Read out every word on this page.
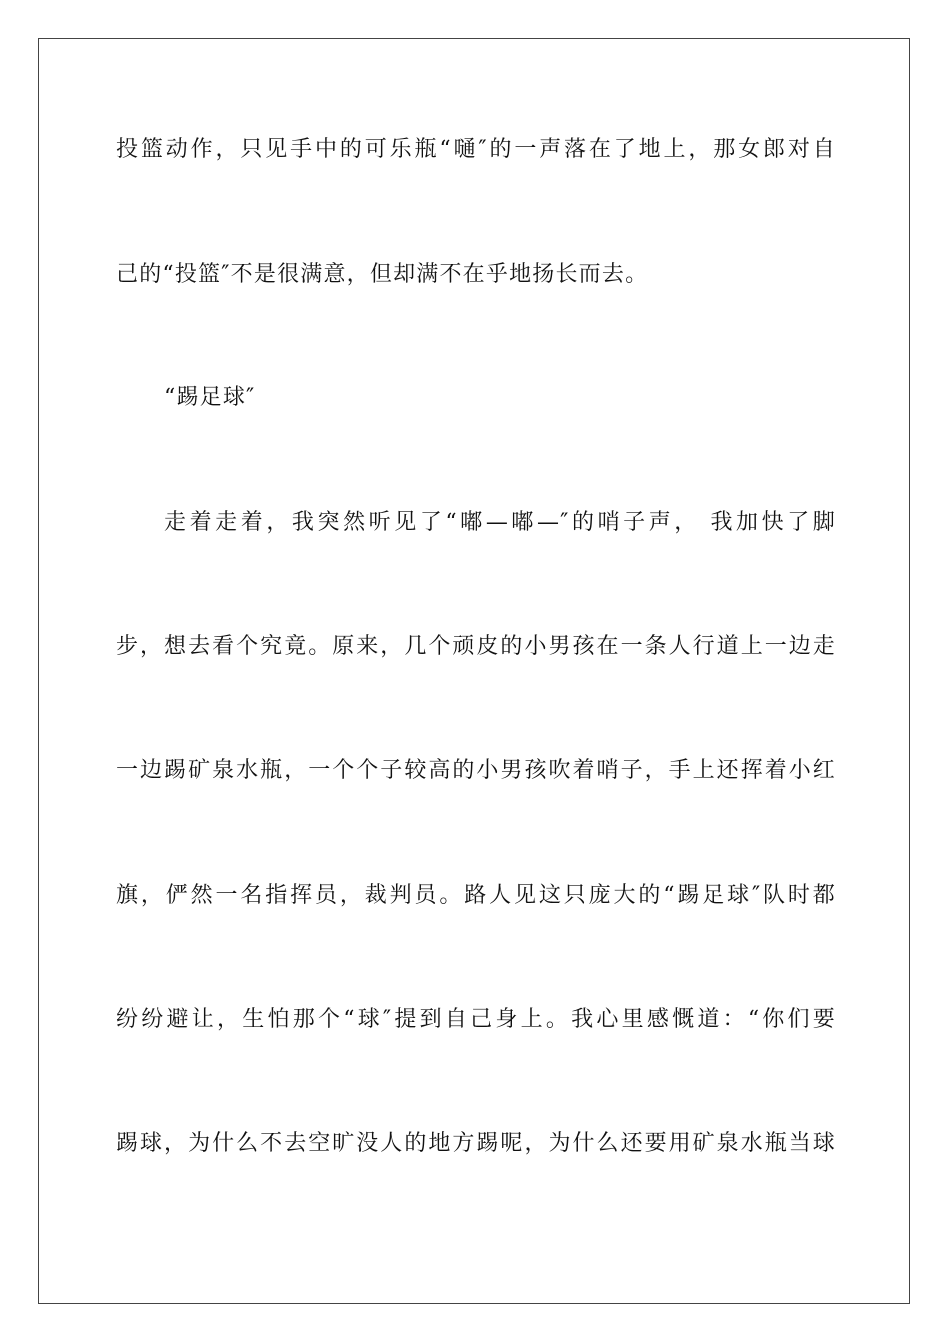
投篮动作，只见手中的可乐瓶“嗵″的一声落在了地上，那女郎对自
己的“投篮″不是很满意，但却满不在乎地扬长而去。
“踢足球″
走着走着，我突然听见了“嘟—嘟—″的哨子声， 我加快了脚
步，想去看个究竟。原来，几个顽皮的小男孩在一条人行道上一边走
一边踢矿泉水瓶，一个个子较高的小男孩吹着哨子，手上还挥着小红
旗，俨然一名指挥员，裁判员。路人见这只庞大的“踢足球″队时都
纷纷避让，生怕那个“球″提到自己身上。我心里感慨道：“你们要
踢球，为什么不去空旷没人的地方踢呢，为什么还要用矿泉水瓶当球
